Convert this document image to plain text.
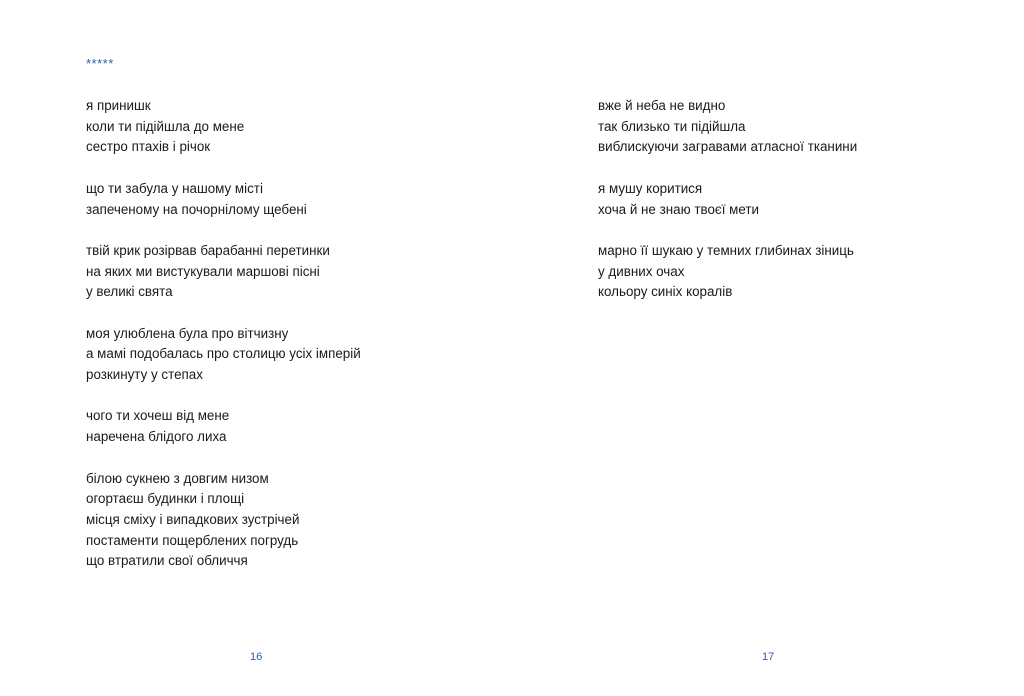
*****
я принишк
коли ти підійшла до мене
сестро птахів і річок
що ти забула у нашому місті
запеченому на почорнілому щебені
твій крик розірвав барабанні перетинки
на яких ми вистукували маршові пісні
у великі свята
моя улюблена була про вітчизну
а мамі подобалась про столицю усіх імперій
розкинуту у степах
чого ти хочеш від мене
наречена блідого лиха
білою сукнею з довгим низом
огортаєш будинки і площі
місця сміху і випадкових зустрічей
постаменти пощерблених погрудь
що втратили свої обличчя
16
вже й неба не видно
так близько ти підійшла
виблискуючи загравами атласної тканини
я мушу коритися
хоча й не знаю твоєї мети
марно її шукаю у темних глибинах зіниць
у дивних очах
кольору синіх коралів
17
